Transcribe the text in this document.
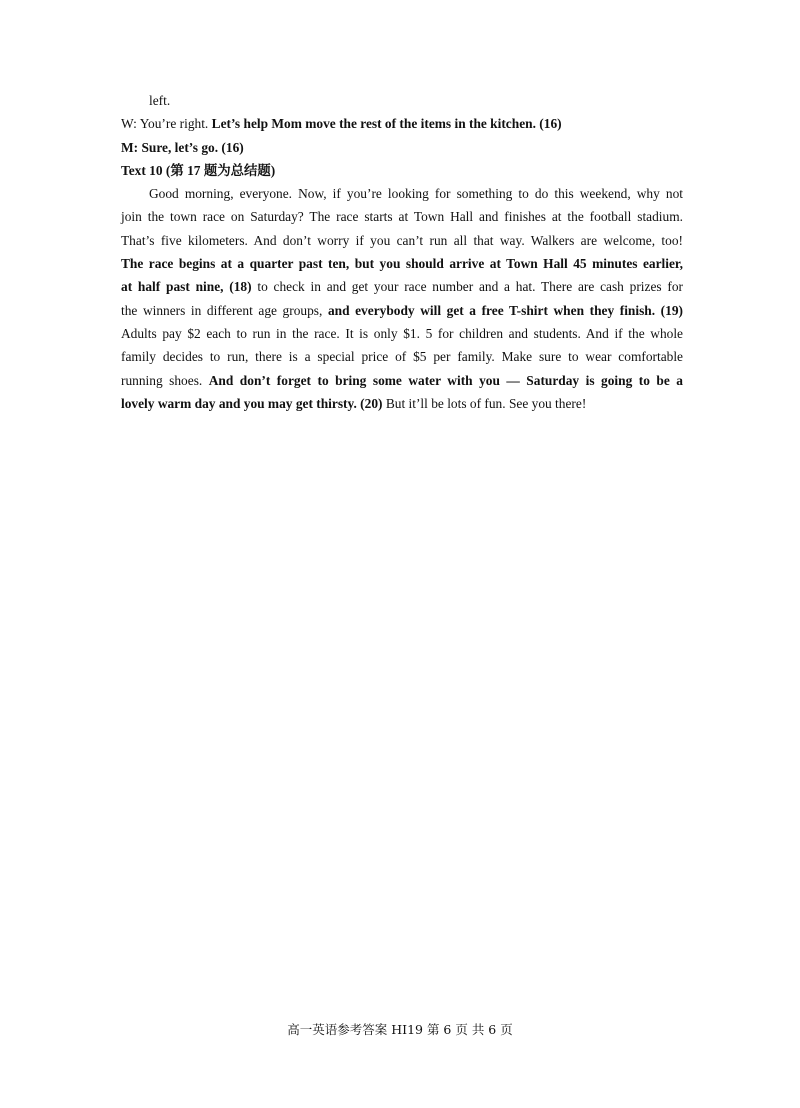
left.
W: You’re right. Let’s help Mom move the rest of the items in the kitchen. (16)
M: Sure, let’s go. (16)
Text 10 (第 17 题为总结题)
Good morning, everyone. Now, if you’re looking for something to do this weekend, why not
join the town race on Saturday? The race starts at Town Hall and finishes at the football stadium.
That’s five kilometers. And don’t worry if you can’t run all that way. Walkers are welcome, too!
The race begins at a quarter past ten, but you should arrive at Town Hall 45 minutes earlier,
at half past nine, (18) to check in and get your race number and a hat. There are cash prizes for
the winners in different age groups, and everybody will get a free T-shirt when they finish. (19)
Adults pay $2 each to run in the race. It is only $1. 5 for children and students. And if the whole
family decides to run, there is a special price of $5 per family. Make sure to wear comfortable
running shoes. And don’t forget to bring some water with you — Saturday is going to be a
lovely warm day and you may get thirsty. (20) But it’ll be lots of fun. See you there!
高一英语参考答案 HI19 第 6 页 共 6 页
